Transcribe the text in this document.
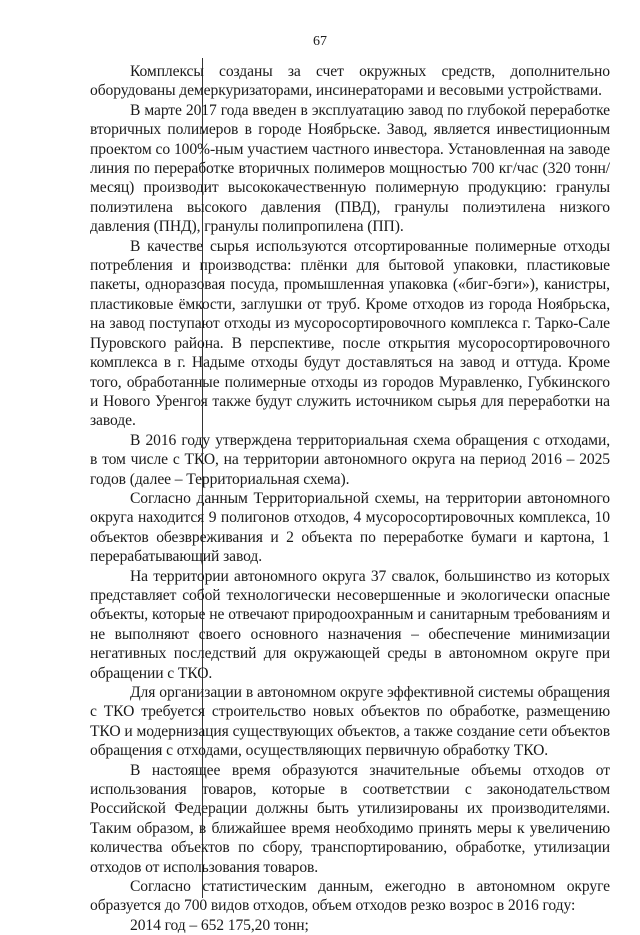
67

Комплексы созданы за счет окружных средств, дополнительно оборудованы демеркуризаторами, инсинераторами и весовыми устройствами.

В марте 2017 года введен в эксплуатацию завод по глубокой переработке вторичных полимеров в городе Ноябрьске. Завод, является инвестиционным проектом со 100%-ным участием частного инвестора. Установленная на заводе линия по переработке вторичных полимеров мощностью 700 кг/час (320 тонн/месяц) производит высококачественную полимерную продукцию: гранулы полиэтилена высокого давления (ПВД), гранулы полиэтилена низкого давления (ПНД), гранулы полипропилена (ПП).

В качестве сырья используются отсортированные полимерные отходы потребления и производства: плёнки для бытовой упаковки, пластиковые пакеты, одноразовая посуда, промышленная упаковка («биг-бэги»), канистры, пластиковые ёмкости, заглушки от труб. Кроме отходов из города Ноябрьска, на завод поступают отходы из мусоросортировочного комплекса г. Тарко-Сале Пуровского района. В перспективе, после открытия мусоросортировочного комплекса в г. Надыме отходы будут доставляться на завод и оттуда. Кроме того, обработанные полимерные отходы из городов Муравленко, Губкинского и Нового Уренгоя также будут служить источником сырья для переработки на заводе.

В 2016 году утверждена территориальная схема обращения с отходами, в том числе с ТКО, на территории автономного округа на период 2016 – 2025 годов (далее – Территориальная схема).

Согласно данным Территориальной схемы, на территории автономного округа находится 9 полигонов отходов, 4 мусоросортировочных комплекса, 10 объектов обезвреживания и 2 объекта по переработке бумаги и картона, 1 перерабатывающий завод.

На территории автономного округа 37 свалок, большинство из которых представляет собой технологически несовершенные и экологически опасные объекты, которые не отвечают природоохранным и санитарным требованиям и не выполняют своего основного назначения – обеспечение минимизации негативных последствий для окружающей среды в автономном округе при обращении с ТКО.

Для организации в автономном округе эффективной системы обращения с ТКО требуется строительство новых объектов по обработке, размещению ТКО и модернизация существующих объектов, а также создание сети объектов обращения с отходами, осуществляющих первичную обработку ТКО.

В настоящее время образуются значительные объемы отходов от использования товаров, которые в соответствии с законодательством Российской Федерации должны быть утилизированы их производителями. Таким образом, в ближайшее время необходимо принять меры к увеличению количества объектов по сбору, транспортированию, обработке, утилизации отходов от использования товаров.

Согласно статистическим данным, ежегодно в автономном округе образуется до 700 видов отходов, объем отходов резко возрос в 2016 году:

2014 год – 652 175,20 тонн;
